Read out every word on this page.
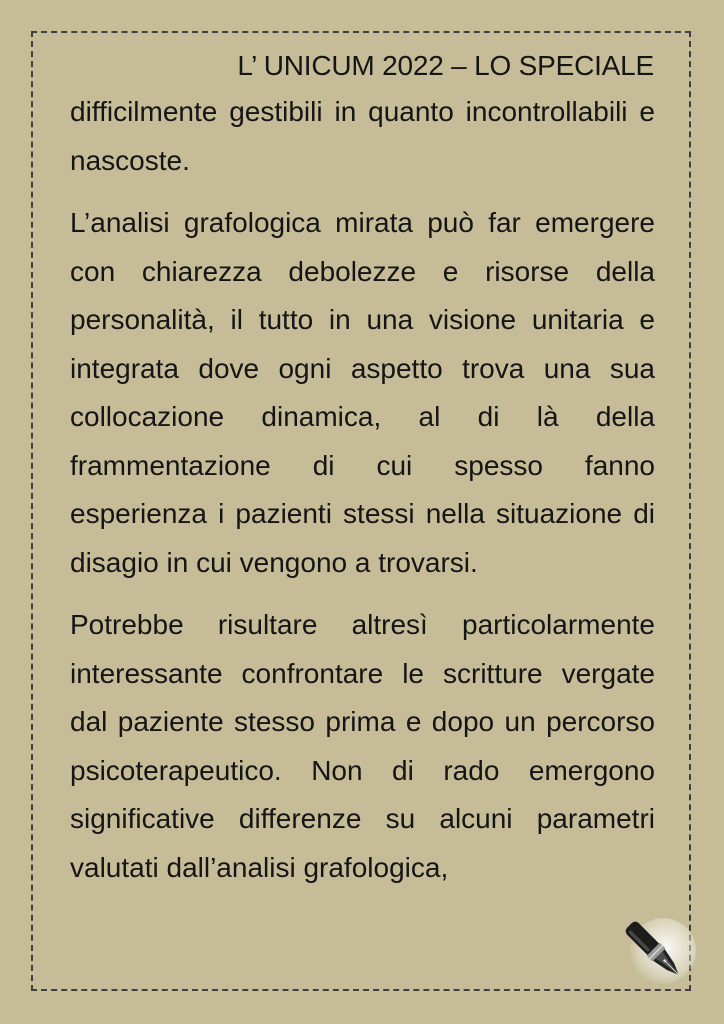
L’ UNICUM 2022 – LO SPECIALE

difficilmente gestibili in quanto incontrollabili e nascoste.

L’analisi grafologica mirata può far emergere con chiarezza debolezze e risorse della personalità, il tutto in una visione unitaria e integrata dove ogni aspetto trova una sua collocazione dinamica, al di là della frammentazione di cui spesso fanno esperienza i pazienti stessi nella situazione di disagio in cui vengono a trovarsi.

Potrebbe risultare altresì particolarmente interessante confrontare le scritture vergate dal paziente stesso prima e dopo un percorso psicoterapeutico. Non di rado emergono significative differenze su alcuni parametri valutati dall’analisi grafologica,
